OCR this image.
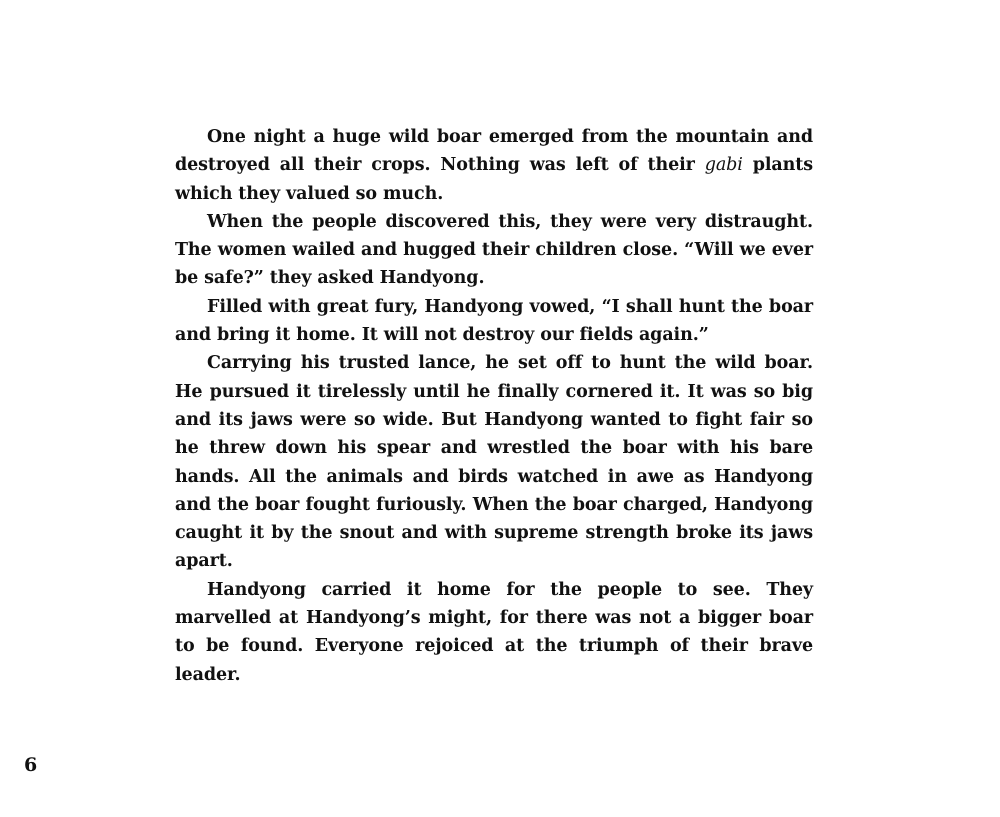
One night a huge wild boar emerged from the mountain and destroyed all their crops. Nothing was left of their gabi plants which they valued so much.

When the people discovered this, they were very distraught. The women wailed and hugged their children close. “Will we ever be safe?” they asked Handyong.

Filled with great fury, Handyong vowed, “I shall hunt the boar and bring it home. It will not destroy our fields again.”

Carrying his trusted lance, he set off to hunt the wild boar. He pursued it tirelessly until he finally cornered it. It was so big and its jaws were so wide. But Handyong wanted to fight fair so he threw down his spear and wrestled the boar with his bare hands. All the animals and birds watched in awe as Handyong and the boar fought furiously. When the boar charged, Handyong caught it by the snout and with supreme strength broke its jaws apart.

Handyong carried it home for the people to see. They marvelled at Handyong’s might, for there was not a bigger boar to be found. Everyone rejoiced at the triumph of their brave leader.

6
